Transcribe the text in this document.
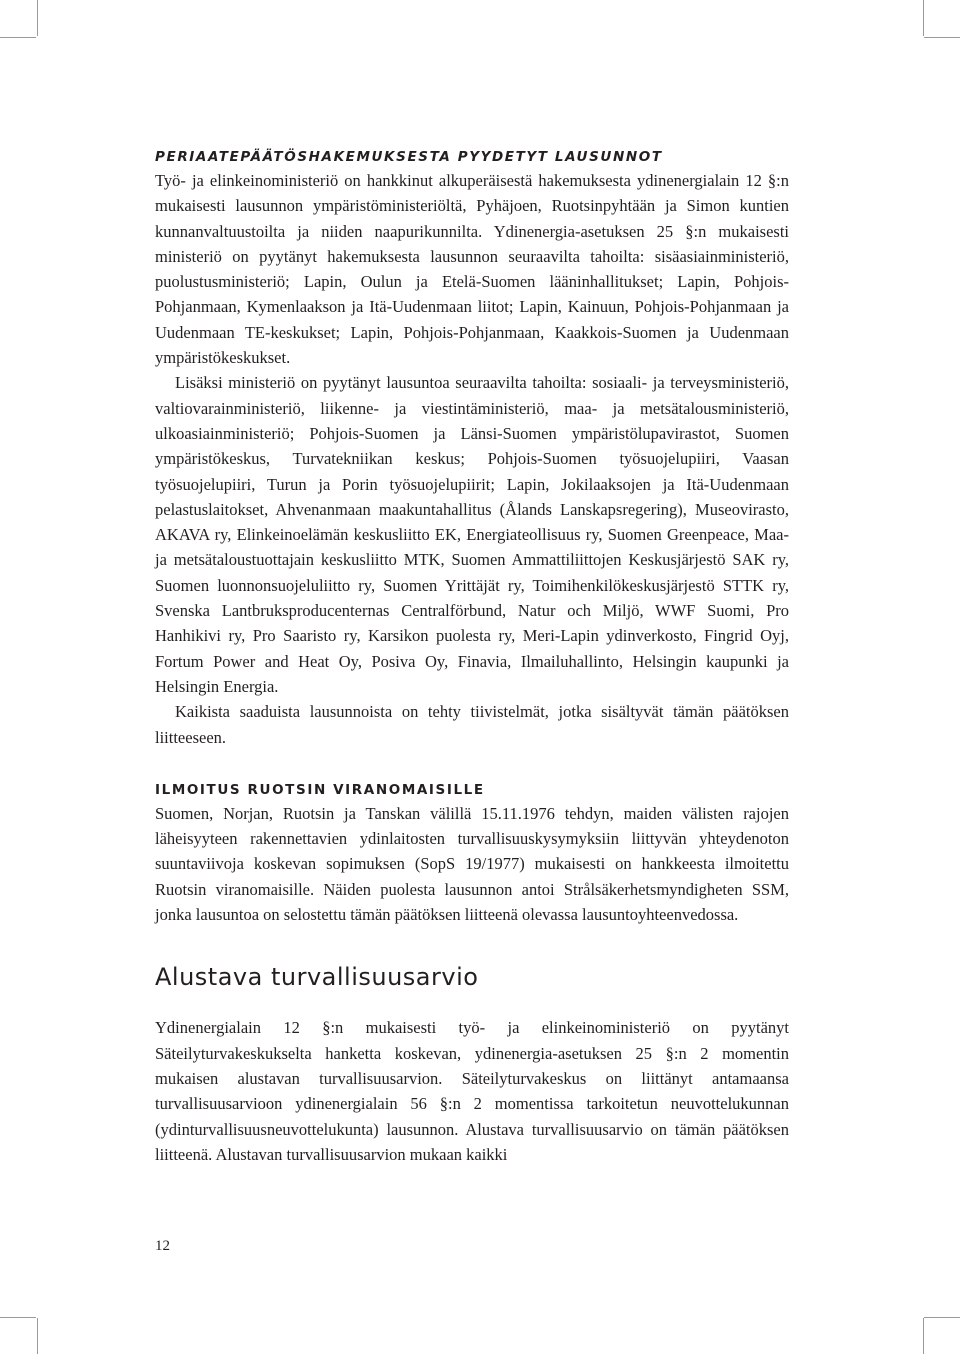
PERIAATEPÄÄTÖSHAKEMUKSESTA PYYDETYT LAUSUNNOT

Työ- ja elinkeinoministeriö on hankkinut alkuperäisestä hakemuksesta ydinenergialain 12 §:n mukaisesti lausunnon ympäristöministeriöltä, Pyhäjoen, Ruotsinpyhtään ja Simon kuntien kunnanvaltuustoilta ja niiden naapurikunnilta. Ydinenergia-asetuksen 25 §:n mukaisesti ministeriö on pyytänyt hakemuksesta lausunnon seuraavilta tahoilta: sisäasiainministeriö, puolustusministeriö; Lapin, Oulun ja Etelä-Suomen lääninhallitukset; Lapin, Pohjois-Pohjanmaan, Kymenlaakson ja Itä-Uudenmaan liitot; Lapin, Kainuun, Pohjois-Pohjanmaan ja Uudenmaan TE-keskukset; Lapin, Pohjois-Pohjanmaan, Kaakkois-Suomen ja Uudenmaan ympäristökeskukset.

Lisäksi ministeriö on pyytänyt lausuntoa seuraavilta tahoilta: sosiaali- ja terveysministeriö, valtiovarainministeriö, liikenne- ja viestintäministeriö, maa- ja metsätalousministeriö, ulkoasiainministeriö; Pohjois-Suomen ja Länsi-Suomen ympäristölupavirastot, Suomen ympäristökeskus, Turvatekniikan keskus; Pohjois-Suomen työsuojelupiiri, Vaasan työsuojelupiiri, Turun ja Porin työsuojelupiirit; Lapin, Jokilaaksojen ja Itä-Uudenmaan pelastuslaitokset, Ahvenanmaan maakuntahallitus (Ålands Lanskapsregering), Museovirasto, AKAVA ry, Elinkeinoelämän keskusliitto EK, Energiateollisuus ry, Suomen Greenpeace, Maa- ja metsätaloustuottajain keskusliitto MTK, Suomen Ammattiliittojen Keskusjärjestö SAK ry, Suomen luonnonsuojeluliitto ry, Suomen Yrittäjät ry, Toimihenkilökeskusjärjestö STTK ry, Svenska Lantbruksproducenternas Centralförbund, Natur och Miljö, WWF Suomi, Pro Hanhikivi ry, Pro Saaristo ry, Karsikon puolesta ry, Meri-Lapin ydinverkosto, Fingrid Oyj, Fortum Power and Heat Oy, Posiva Oy, Finavia, Ilmailuhallinto, Helsingin kaupunki ja Helsingin Energia.

Kaikista saaduista lausunnoista on tehty tiivistelmät, jotka sisältyvät tämän päätöksen liitteeseen.

ILMOITUS RUOTSIN VIRANOMAISILLE

Suomen, Norjan, Ruotsin ja Tanskan välillä 15.11.1976 tehdyn, maiden välisten rajojen läheisyyteen rakennettavien ydinlaitosten turvallisuuskysymyksiin liittyvän yhteydenoton suuntaviivoja koskevan sopimuksen (SopS 19/1977) mukaisesti on hankkeesta ilmoitettu Ruotsin viranomaisille. Näiden puolesta lausunnon antoi Strålsäkerhetsmyndigheten SSM, jonka lausuntoa on selostettu tämän päätöksen liitteenä olevassa lausuntoyhteenvedossa.

Alustava turvallisuusarvio

Ydinenergialain 12 §:n mukaisesti työ- ja elinkeinoministeriö on pyytänyt Säteilyturvakeskukselta hanketta koskevan, ydinenergia-asetuksen 25 §:n 2 momentin mukaisen alustavan turvallisuusarvion. Säteilyturvakeskus on liittänyt antamaansa turvallisuusarvioon ydinenergialain 56 §:n 2 momentissa tarkoitetun neuvottelukunnan (ydinturvallisuusneuvottelukunta) lausunnon. Alustava turvallisuusarvio on tämän päätöksen liitteenä. Alustavan turvallisuusarvion mukaan kaikki

12
